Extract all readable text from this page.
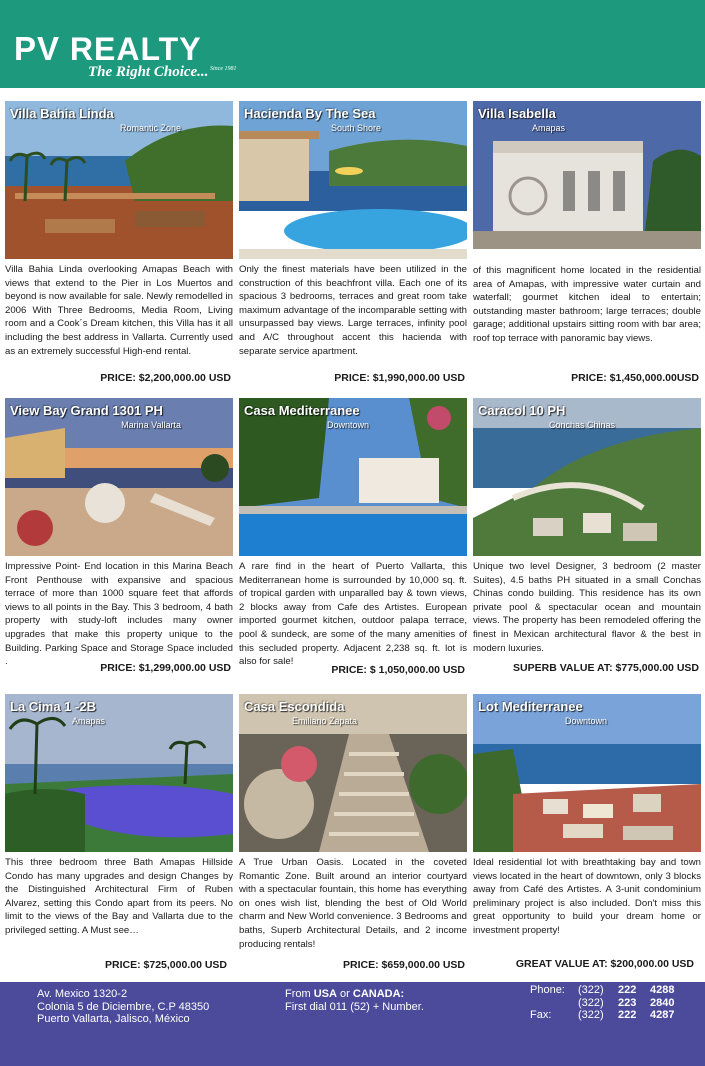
PV REALTY
The Right Choice... Since 1981
Villa Bahia Linda
Romantic Zone
Villa Bahia Linda overlooking Amapas Beach with views that extend to the Pier in Los Muertos and beyond is now available for sale. Newly remodelled in 2006 With Three Bedrooms, Media Room, Living room and a Cook´s Dream kitchen, this Villa has it all including the best address in Vallarta. Currently used as an extremely successful High-end rental.
PRICE: $2,200,000.00 USD
Hacienda By The Sea
South Shore
Only the finest materials have been utilized in the construction of this beachfront villa. Each one of its spacious 3 bedrooms, terraces and great room take maximum advantage of the incomparable setting with unsurpassed bay views. Large terraces, infinity pool and A/C throughout accent this hacienda with separate service apartment.
PRICE: $1,990,000.00 USD
Villa Isabella
Amapas
of this magnificent home located in the residential area of Amapas, with impressive water curtain and waterfall; gourmet kitchen ideal to entertain; outstanding master bathroom; large terraces; double garage; additional upstairs sitting room with bar area; roof top terrace with panoramic bay views.
PRICE: $1,450,000.00USD
View Bay Grand 1301 PH
Marina Vallarta
Impressive Point- End location in this Marina Beach Front Penthouse with expansive and spacious terrace of more than 1000 square feet that affords views to all points in the Bay. This 3 bedroom, 4 bath property with study-loft includes many owner upgrades that make this property unique to the Building. Parking Space and Storage Space included .
PRICE: $1,299,000.00 USD
Casa Mediterranee
Downtown
A rare find in the heart of Puerto Vallarta, this Mediterranean home is surrounded by 10,000 sq. ft. of tropical garden with unparalled bay & town views, 2 blocks away from Cafe des Artistes. European imported gourmet kitchen, outdoor palapa terrace, pool & sundeck, are some of the many amenities of this secluded property. Adjacent 2,238 sq. ft. lot is also for sale!
PRICE: $ 1,050,000.00 USD
Caracol 10 PH
Conchas Chinas
Unique two level Designer, 3 bedroom (2 master Suites), 4.5 baths PH situated in a small Conchas Chinas condo building. This residence has its own private pool & spectacular ocean and mountain views. The property has been remodeled offering the finest in Mexican architectural flavor & the best in modern luxuries.
SUPERB VALUE AT: $775,000.00 USD
La Cima 1 -2B
Amapas
This three bedroom three Bath Amapas Hillside Condo has many upgrades and design Changes by the Distinguished Architectural Firm of Ruben Alvarez, setting this Condo apart from its peers. No limit to the views of the Bay and Vallarta due to the privileged setting. A Must see…
PRICE: $725,000.00 USD
Casa Escondida
Emiliano Zapata
A True Urban Oasis. Located in the coveted Romantic Zone. Built around an interior courtyard with a spectacular fountain, this home has everything on ones wish list, blending the best of Old World charm and New World convenience. 3 Bedrooms and baths, Superb Architectural Details, and 2 income producing rentals!
PRICE: $659,000.00 USD
Lot Mediterranee
Downtown
Ideal residential lot with breathtaking bay and town views located in the heart of downtown, only 3 blocks away from Café des Artistes. A 3-unit condominium preliminary project is also included. Don't miss this great opportunity to build your dream home or investment property!
GREAT VALUE AT: $200,000.00 USD
Av. Mexico 1320-2
Colonia 5 de Diciembre, C.P 48350
Puerto Vallarta, Jalisco, México
From USA or CANADA:
First dial 011 (52) + Number.
Phone: (322) 222 4288
(322) 223 2840
Fax: (322) 222 4287
